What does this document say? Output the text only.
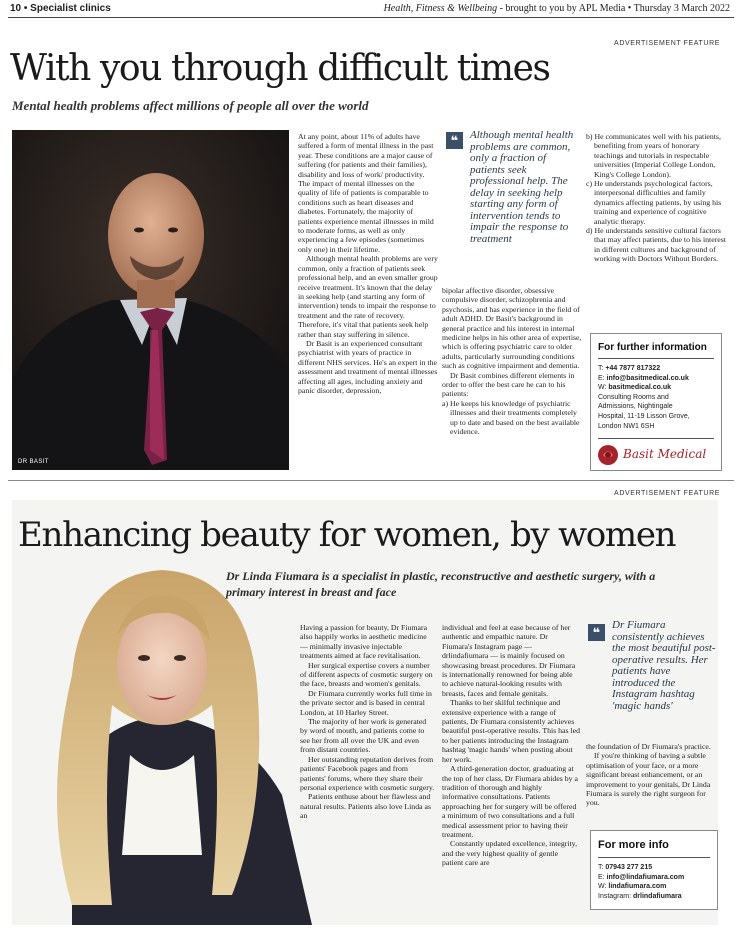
10 • Specialist clinics	Health, Fitness & Wellbeing - brought to you by APL Media • Thursday 3 March 2022
ADVERTISEMENT FEATURE
With you through difficult times
Mental health problems affect millions of people all over the world
DR BASIT

At any point, about 11% of adults have suffered a form of mental illness in the past year. These conditions are a major cause of suffering (for patients and their families), disability and loss of work/ productivity. The impact of mental illnesses on the quality of life of patients is comparable to conditions such as heart diseases and diabetes. Fortunately, the majority of patients experience mental illnesses in mild to moderate forms, as well as only experiencing a few episodes (sometimes only one) in their lifetime.

Although mental health problems are very common, only a fraction of patients seek professional help, and an even smaller group receive treatment. It's known that the delay in seeking help (and starting any form of intervention) tends to impair the response to treatment and the rate of recovery. Therefore, it's vital that patients seek help rather than stay suffering in silence.

Dr Basit is an experienced consultant psychiatrist with years of practice in different NHS services. He's an expert in the assessment and treatment of mental illnesses affecting all ages, including anxiety and panic disorder, depression,

❝	Although mental health problems are common, only a fraction of patients seek professional help. The delay in seeking help starting any form of intervention tends to impair the response to treatment

bipolar affective disorder, obsessive compulsive disorder, schizophrenia and psychosis, and has experience in the field of adult ADHD. Dr Basit's background in general practice and his interest in internal medicine helps in his other area of expertise, which is offering psychiatric care to older adults, particularly surrounding conditions such as cognitive impairment and dementia.

Dr Basit combines different elements in order to offer the best care he can to his patients:

a) He keeps his knowledge of psychiatric illnesses and their treatments completely up to date and based on the best available evidence.

b) He communicates well with his patients, benefiting from years of honorary teachings and tutorials in respectable universities (Imperial College London, King's College London).

c) He understands psychological factors, interpersonal difficulties and family dynamics affecting patients, by using his training and experience of cognitive analytic therapy.

d) He understands sensitive cultural factors that may affect patients, due to his interest in different cultures and background of working with Doctors Without Borders.

For further information
T: +44 7877 817322
E: info@basitmedical.co.uk
W: basitmedical.co.uk
Consulting Rooms and
Admissions, Nightingale
Hospital, 11-19 Lisson Grove,
London NW1 6SH
Basit Medical
ADVERTISEMENT FEATURE
Enhancing beauty for women, by women
Dr Linda Fiumara is a specialist in plastic, reconstructive and aesthetic surgery, with a primary interest in breast and face

Having a passion for beauty, Dr Fiumara also happily works in aesthetic medicine — minimally invasive injectable treatments aimed at face revitalisation.

Her surgical expertise covers a number of different aspects of cosmetic surgery on the face, breasts and women's genitals.

Dr Fiumara currently works full time in the private sector and is based in central London, at 10 Harley Street.

The majority of her work is generated by word of mouth, and patients come to see her from all over the UK and even from distant countries.

Her outstanding reputation derives from patients' Facebook pages and from patients' forums, where they share their personal experience with cosmetic surgery.

Patients enthuse about her flawless and natural results. Patients also love Linda as an

individual and feel at ease because of her authentic and empathic nature. Dr Fiumara's Instagram page — drlindafiumara — is mainly focused on showcasing breast procedures. Dr Fiumara is internationally renowned for being able to achieve natural-looking results with breasts, faces and female genitals.

Thanks to her skilful technique and extensive experience with a range of patients, Dr Fiumara consistently achieves beautiful post-operative results. This has led to her patients introducing the Instagram hashtag 'magic hands' when posting about her work.

A third-generation doctor, graduating at the top of her class, Dr Fiumara abides by a tradition of thorough and highly informative consultations. Patients approaching her for surgery will be offered a minimum of two consultations and a full medical assessment prior to having their treatment.

Constantly updated excellence, integrity, and the very highest quality of gentle patient care are

❝
Dr Fiumara consistently achieves the most beautiful post-operative results. Her patients have introduced the Instagram hashtag 'magic hands'

the foundation of Dr Fiumara's practice.

If you're thinking of having a subtle optimisation of your face, or a more significant breast enhancement, or an improvement to your genitals, Dr Linda Fiumara is surely the right surgeon for you.

For more info
T: 07943 277 215
E: info@lindafiumara.com
W: lindafiumara.com
Instagram: drlindafiumara
